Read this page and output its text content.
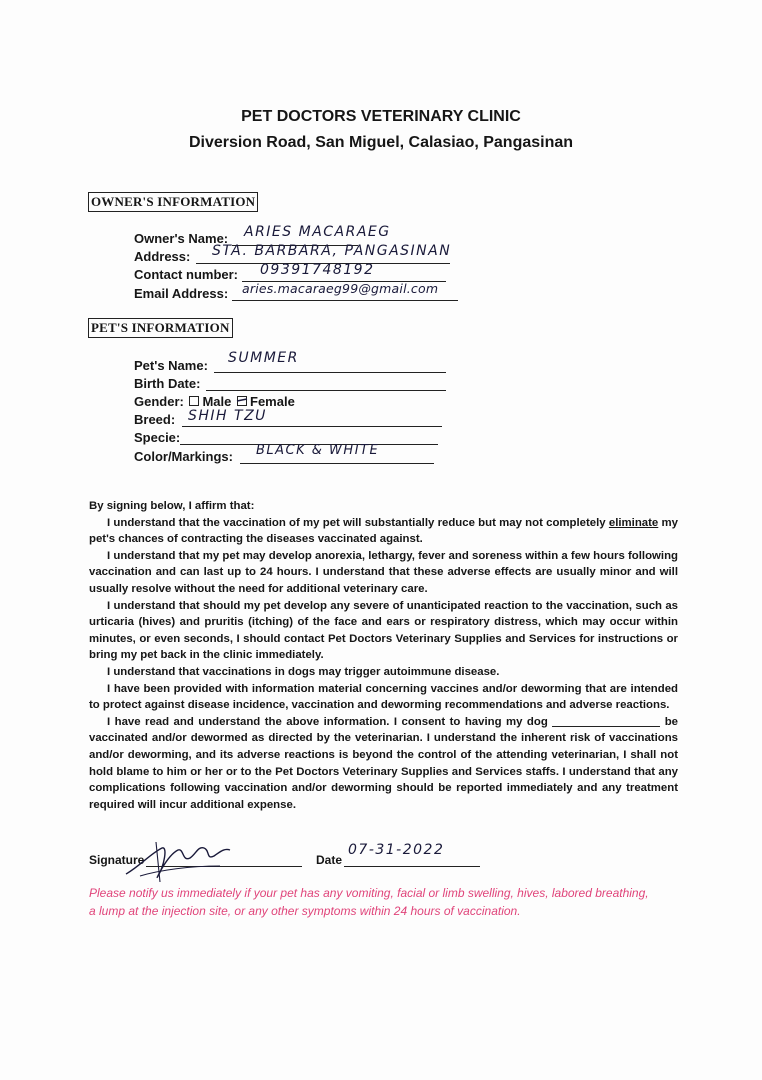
PET DOCTORS VETERINARY CLINIC
Diversion Road, San Miguel, Calasiao, Pangasinan
OWNER'S INFORMATION
Owner's Name: ARIES MACARAEG
Address: STA. BARBARA, PANGASINAN
Contact number: 09391748192
Email Address: aries.macaraeg99@gmail.com
PET'S INFORMATION
Pet's Name: SUMMER
Birth Date:
Gender: Male Female
Breed: SHIH TZU
Specie:
Color/Markings: BLACK & WHITE

By signing below, I affirm that:

I understand that the vaccination of my pet will substantially reduce but may not completely eliminate my pet's chances of contracting the diseases vaccinated against.

I understand that my pet may develop anorexia, lethargy, fever and soreness within a few hours following vaccination and can last up to 24 hours. I understand that these adverse effects are usually minor and will usually resolve without the need for additional veterinary care.

I understand that should my pet develop any severe of unanticipated reaction to the vaccination, such as urticaria (hives) and pruritis (itching) of the face and ears or respiratory distress, which may occur within minutes, or even seconds, I should contact Pet Doctors Veterinary Supplies and Services for instructions or bring my pet back in the clinic immediately.

I understand that vaccinations in dogs may trigger autoimmune disease.

I have been provided with information material concerning vaccines and/or deworming that are intended to protect against disease incidence, vaccination and deworming recommendations and adverse reactions.

I have read and understand the above information. I consent to having my dog	be vaccinated and/or dewormed as directed by the veterinarian. I understand the inherent risk of vaccinations and/or deworming, and its adverse reactions is beyond the control of the attending veterinarian, I shall not hold blame to him or her or to the Pet Doctors Veterinary Supplies and Services staffs. I understand that any complications following vaccination and/or deworming should be reported immediately and any treatment required will incur additional expense.

Signature	Date
07-31-2022
Please notify us immediately if your pet has any vomiting, facial or limb swelling, hives, labored breathing, a lump at the injection site, or any other symptoms within 24 hours of vaccination.
